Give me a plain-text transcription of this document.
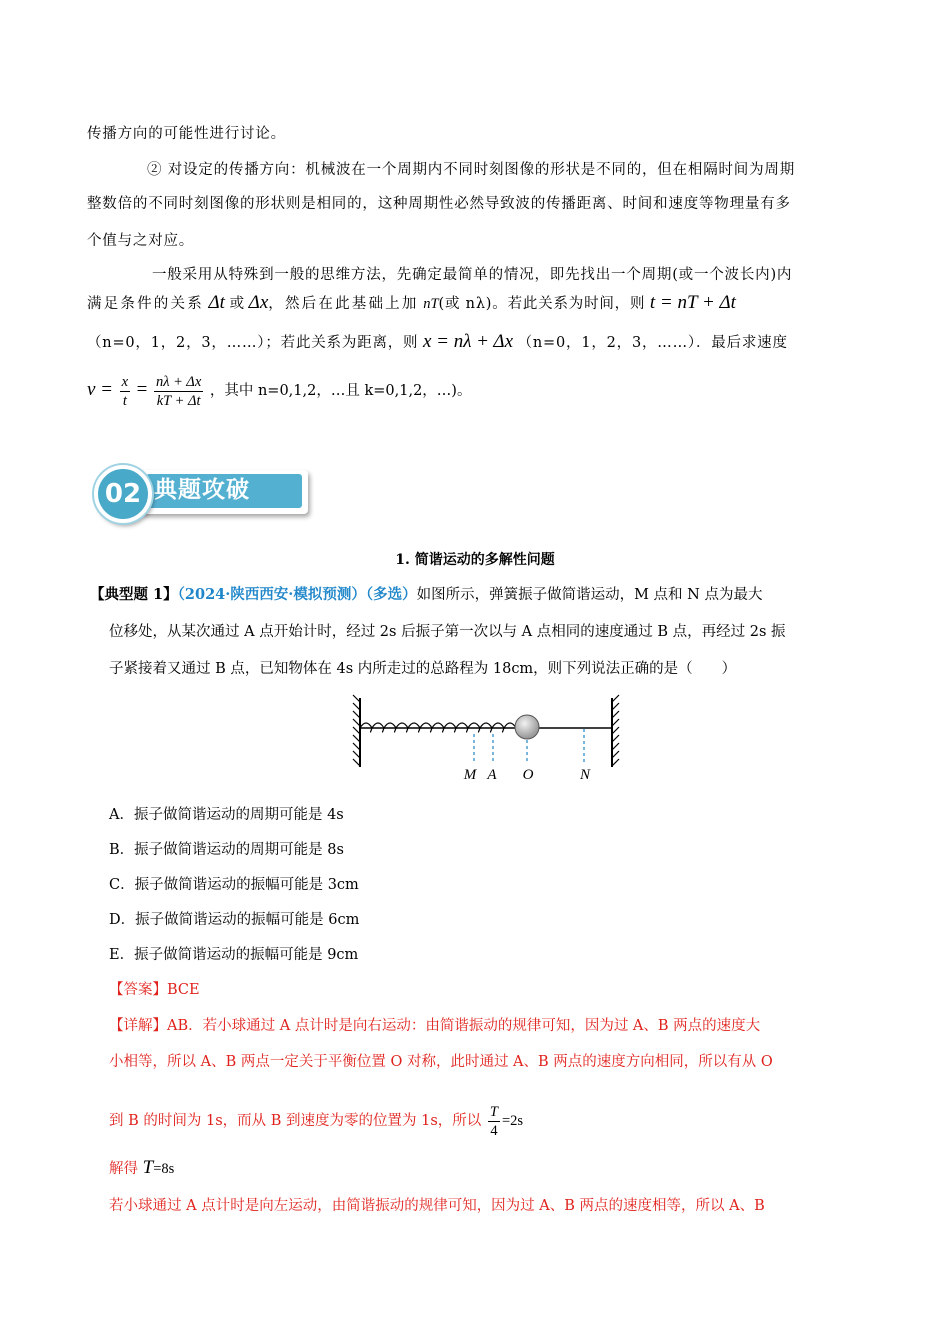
传播方向的可能性进行讨论。
② 对设定的传播方向：机械波在一个周期内不同时刻图像的形状是不同的，但在相隔时间为周期
整数倍的不同时刻图像的形状则是相同的，这种周期性必然导致波的传播距离、时间和速度等物理量有多
个值与之对应。
一般采用从特殊到一般的思维方法，先确定最简单的情况，即先找出一个周期(或一个波长内)内
满足条件的关系 Δt 或 Δx，然后在此基础上加 nT(或 nλ)。若此关系为时间，则 t = nT + Δt
（n=0，1，2，3，……）；若此关系为距离，则 x = nλ + Δx （n=0，1，2，3，……）．最后求速度
$v = \frac{x}{t} = \frac{n\lambda + \Delta x}{kT + \Delta t}$ ，其中 n=0,1,2，…且 k=0,1,2，…)。
02 典题攻破
1. 简谐运动的多解性问题
【典型题 1】（2024·陕西西安·模拟预测）（多选）如图所示，弹簧振子做简谐运动，M 点和 N 点为最大
位移处，从某次通过 A 点开始计时，经过 2s 后振子第一次以与 A 点相同的速度通过 B 点，再经过 2s 振
子紧接着又通过 B 点，已知物体在 4s 内所走过的总路程为 18cm，则下列说法正确的是（　　）
M A O	N
A．振子做简谐运动的周期可能是 4s
B．振子做简谐运动的周期可能是 8s
C．振子做简谐运动的振幅可能是 3cm
D．振子做简谐运动的振幅可能是 6cm
E．振子做简谐运动的振幅可能是 9cm
【答案】BCE
【详解】AB．若小球通过 A 点计时是向右运动：由简谐振动的规律可知，因为过 A、B 两点的速度大
小相等，所以 A、B 两点一定关于平衡位置 O 对称，此时通过 A、B 两点的速度方向相同，所以有从 O
到 B 的时间为 1s，而从 B 到速度为零的位置为 1s，所以 $\frac{T}{4} =2s$
解得 T=8s
若小球通过 A 点计时是向左运动，由简谐振动的规律可知，因为过 A、B 两点的速度相等，所以 A、B
